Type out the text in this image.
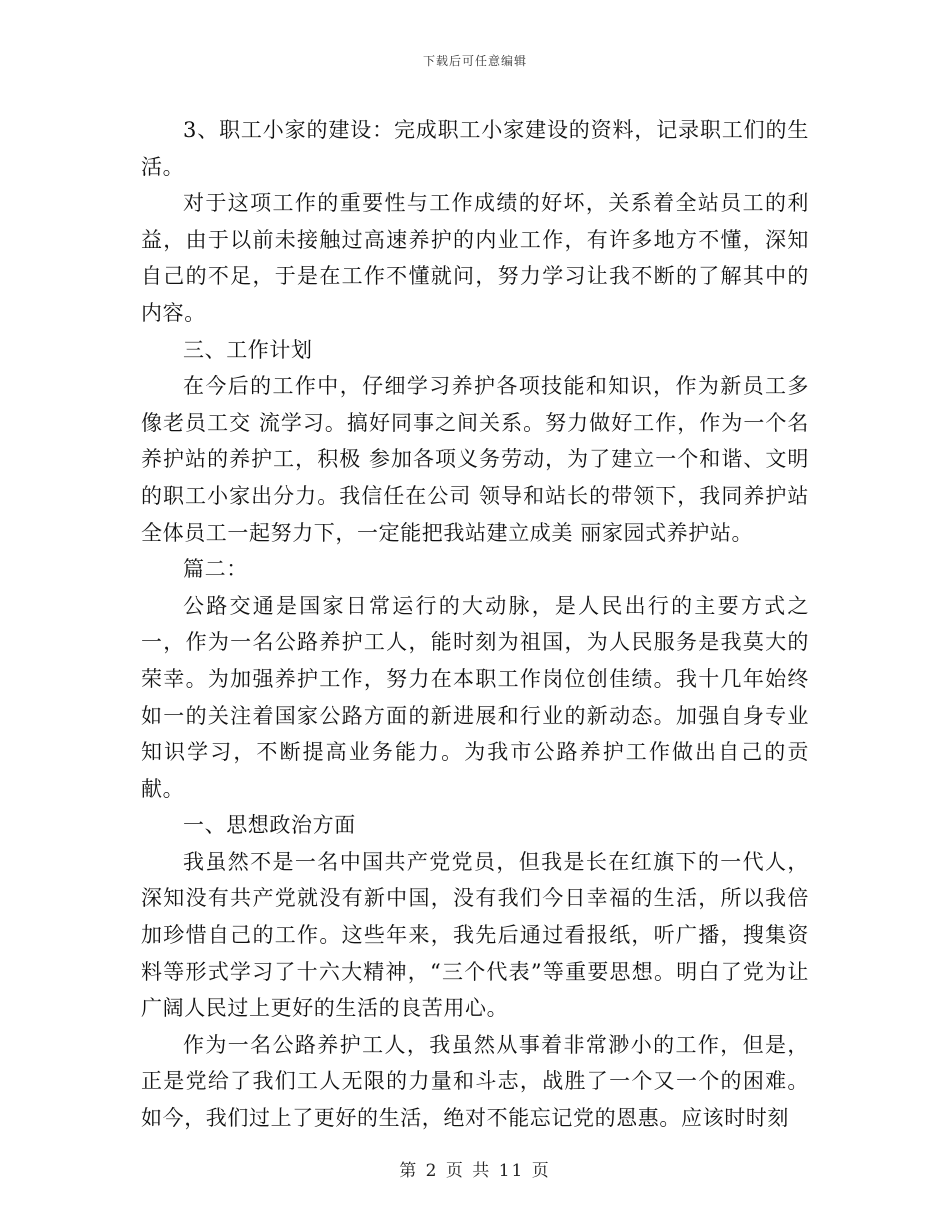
下载后可任意编辑

3、职工小家的建设：完成职工小家建设的资料，记录职工们的生活。

对于这项工作的重要性与工作成绩的好坏，关系着全站员工的利益，由于以前未接触过高速养护的内业工作，有许多地方不懂，深知自己的不足，于是在工作不懂就问，努力学习让我不断的了解其中的内容。

三、工作计划

在今后的工作中，仔细学习养护各项技能和知识，作为新员工多像老员工交 流学习。搞好同事之间关系。努力做好工作，作为一个名养护站的养护工，积极 参加各项义务劳动，为了建立一个和谐、文明的职工小家出分力。我信任在公司 领导和站长的带领下，我同养护站全体员工一起努力下，一定能把我站建立成美 丽家园式养护站。

篇二：

公路交通是国家日常运行的大动脉，是人民出行的主要方式之一，作为一名公路养护工人，能时刻为祖国，为人民服务是我莫大的荣幸。为加强养护工作，努力在本职工作岗位创佳绩。我十几年始终如一的关注着国家公路方面的新进展和行业的新动态。加强自身专业知识学习，不断提高业务能力。为我市公路养护工作做出自己的贡献。

一、思想政治方面

我虽然不是一名中国共产党党员，但我是长在红旗下的一代人，深知没有共产党就没有新中国，没有我们今日幸福的生活，所以我倍加珍惜自己的工作。这些年来，我先后通过看报纸，听广播，搜集资料等形式学习了十六大精神，“三个代表”等重要思想。明白了党为让广阔人民过上更好的生活的良苦用心。

作为一名公路养护工人，我虽然从事着非常渺小的工作，但是，正是党给了我们工人无限的力量和斗志，战胜了一个又一个的困难。如今，我们过上了更好的生活，绝对不能忘记党的恩惠。应该时时刻

第 2 页 共 11 页
